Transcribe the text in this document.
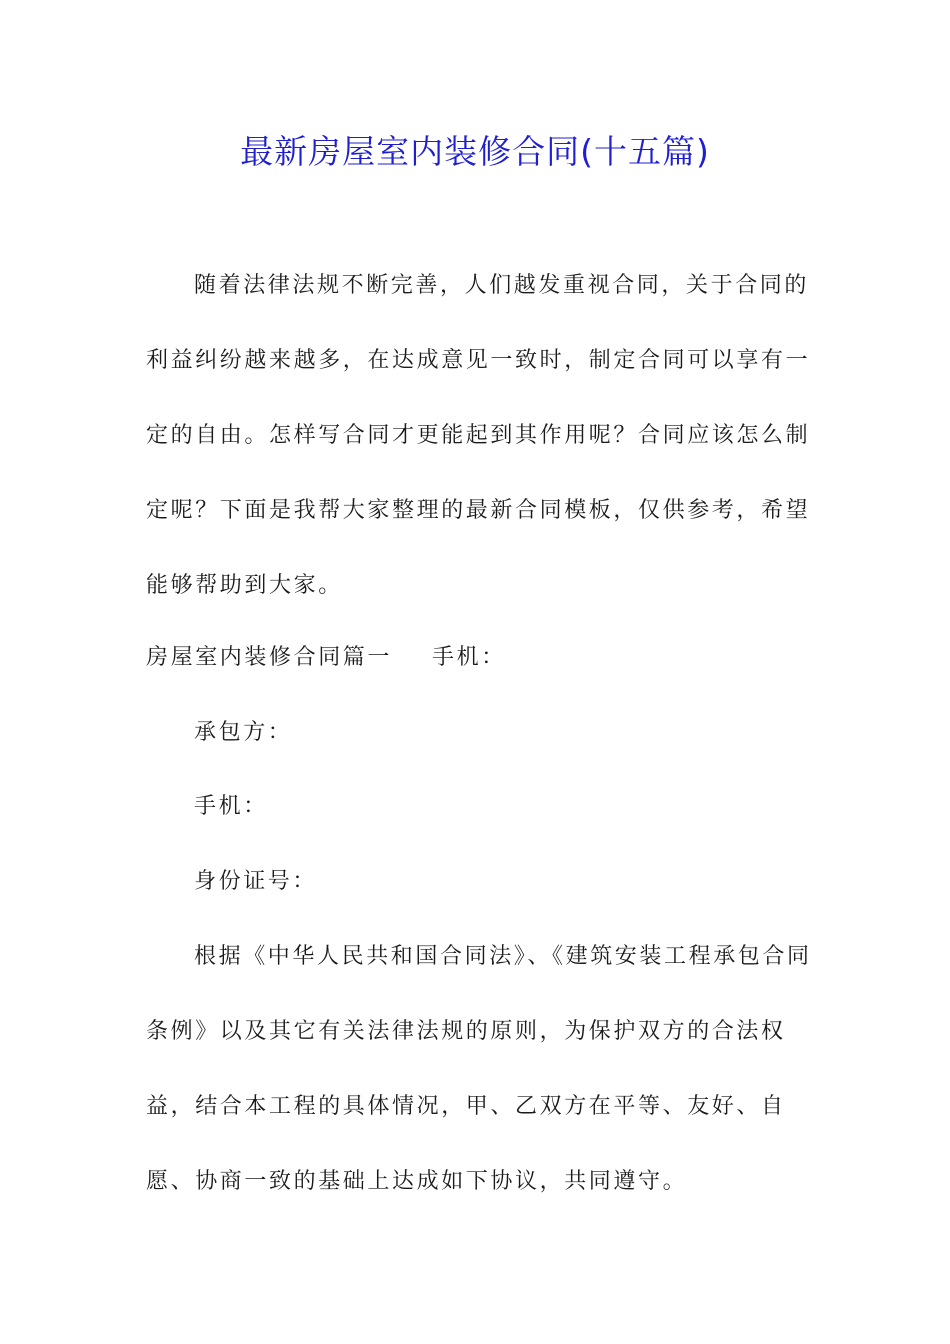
最新房屋室内装修合同(十五篇)
随着法律法规不断完善，人们越发重视合同，关于合同的利益纠纷越来越多，在达成意见一致时，制定合同可以享有一定的自由。怎样写合同才更能起到其作用呢？合同应该怎么制定呢？下面是我帮大家整理的最新合同模板，仅供参考，希望能够帮助到大家。
房屋室内装修合同篇一 手机：
承包方：
手机：
身份证号：
根据《中华人民共和国合同法》、《建筑安装工程承包合同条例》以及其它有关法律法规的原则，为保护双方的合法权益，结合本工程的具体情况，甲、乙双方在平等、友好、自愿、协商一致的基础上达成如下协议，共同遵守。
